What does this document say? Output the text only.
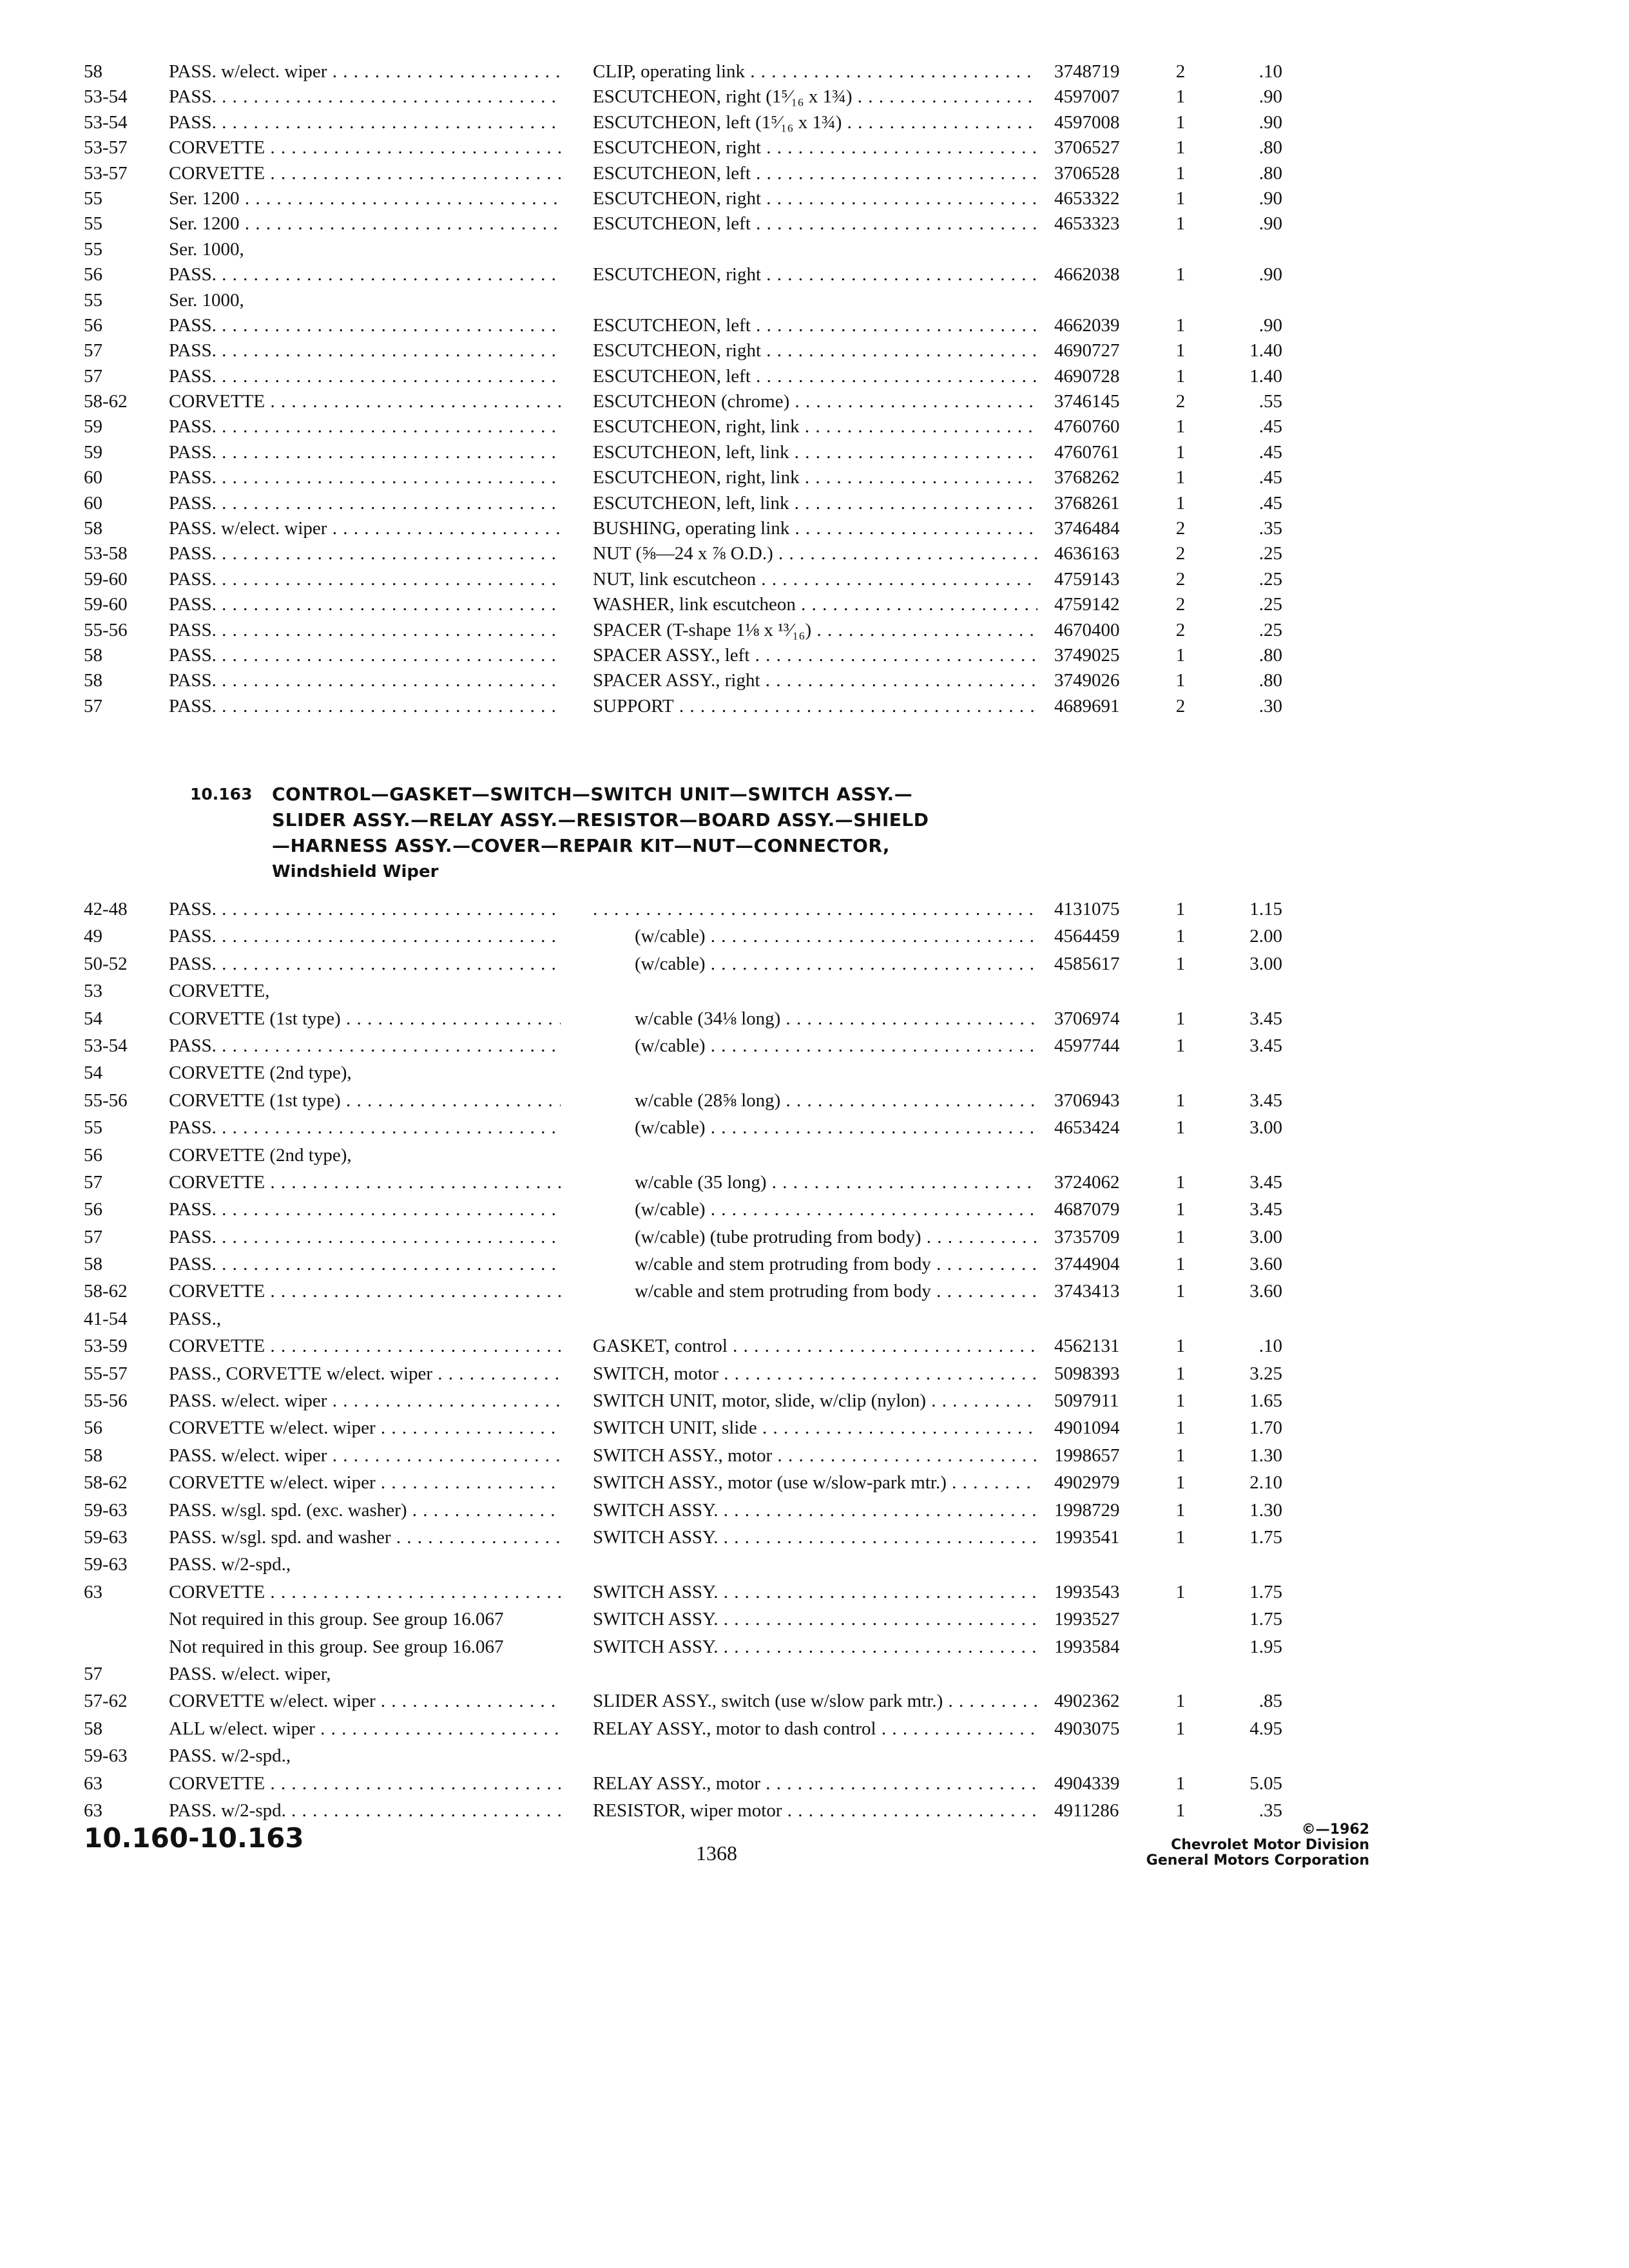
58	PASS. w/elect. wiper . . .	CLIP, operating link . . .	3748719	2	.10
53-54	PASS. . . .	ESCUTCHEON, right (1⁵⁄₁₆ x 1¾) . . .	4597007	1	.90
53-54	PASS. . . .	ESCUTCHEON, left (1⁵⁄₁₆ x 1¾) . . .	4597008	1	.90
53-57	CORVETTE . . .	ESCUTCHEON, right . . .	3706527	1	.80
53-57	CORVETTE . . .	ESCUTCHEON, left . . .	3706528	1	.80
55	Ser. 1200 . . .	ESCUTCHEON, right . . .	4653322	1	.90
55	Ser. 1200 . . .	ESCUTCHEON, left . . .	4653323	1	.90
55	Ser. 1000,
56	PASS. . . .	ESCUTCHEON, right . . .	4662038	1	.90
55	Ser. 1000,
56	PASS. . . .	ESCUTCHEON, left . . .	4662039	1	.90
57	PASS. . . .	ESCUTCHEON, right . . .	4690727	1	1.40
57	PASS. . . .	ESCUTCHEON, left . . .	4690728	1	1.40
58-62	CORVETTE . . .	ESCUTCHEON (chrome) . . .	3746145	2	.55
59	PASS. . . .	ESCUTCHEON, right, link . . .	4760760	1	.45
59	PASS. . . .	ESCUTCHEON, left, link . . .	4760761	1	.45
60	PASS. . . .	ESCUTCHEON, right, link . . .	3768262	1	.45
60	PASS. . . .	ESCUTCHEON, left, link . . .	3768261	1	.45
58	PASS. w/elect. wiper . . .	BUSHING, operating link . . .	3746484	2	.35
53-58	PASS. . . .	NUT (⅝—24 x ⅞ O.D.) . . .	4636163	2	.25
59-60	PASS. . . .	NUT, link escutcheon . . .	4759143	2	.25
59-60	PASS. . . .	WASHER, link escutcheon . . .	4759142	2	.25
55-56	PASS. . . .	SPACER (T-shape 1⅛ x ¹³⁄₁₆) . . .	4670400	2	.25
58	PASS. . . .	SPACER ASSY., left . . .	3749025	1	.80
58	PASS. . . .	SPACER ASSY., right . . .	3749026	1	.80
57	PASS. . . .	SUPPORT . . .	4689691	2	.30
10.163 CONTROL—GASKET—SWITCH—SWITCH UNIT—SWITCH ASSY.—
SLIDER ASSY.—RELAY ASSY.—RESISTOR—BOARD ASSY.—SHIELD
—HARNESS ASSY.—COVER—REPAIR KIT—NUT—CONNECTOR,
Windshield Wiper
42-48	PASS. . . .
. . .	4131075	1	1.15
49	PASS. . . .	(w/cable) . . .	4564459	1	2.00
50-52	PASS. . . .	(w/cable) . . .	4585617	1	3.00
53	CORVETTE,
54	CORVETTE (1st type) . . .	w/cable (34⅛ long) . . .	3706974	1	3.45
53-54	PASS. . . .	(w/cable) . . .	4597744	1	3.45
54	CORVETTE (2nd type),
55-56	CORVETTE (1st type) . . .	w/cable (28⅝ long) . . .	3706943	1	3.45
55	PASS. . . .	(w/cable) . . .	4653424	1	3.00
56	CORVETTE (2nd type),
57	CORVETTE . . .	w/cable (35 long) . . .	3724062	1	3.45
56	PASS. . . .	(w/cable) . . .	4687079	1	3.45
57	PASS. . . .	(w/cable) (tube protruding from body) . . .	3735709	1	3.00
58	PASS. . . .	w/cable and stem protruding from body . . .	3744904	1	3.60
58-62	CORVETTE . . .	w/cable and stem protruding from body . . .	3743413	1	3.60
41-54	PASS.,
53-59	CORVETTE . . .	GASKET, control . . .	4562131	1	.10
55-57	PASS., CORVETTE w/elect. wiper . . .	SWITCH, motor . . .	5098393	1	3.25
55-56	PASS. w/elect. wiper . . .	SWITCH UNIT, motor, slide, w/clip (nylon) . . .	5097911	1	1.65
56	CORVETTE w/elect. wiper . . .	SWITCH UNIT, slide . . .	4901094	1	1.70
58	PASS. w/elect. wiper . . .	SWITCH ASSY., motor . . .	1998657	1	1.30
58-62	CORVETTE w/elect. wiper . . .	SWITCH ASSY., motor (use w/slow-park mtr.) . . .	4902979	1	2.10
59-63	PASS. w/sgl. spd. (exc. washer) . . .	SWITCH ASSY. . . .	1998729	1	1.30
59-63	PASS. w/sgl. spd. and washer . . .	SWITCH ASSY. . . .	1993541	1	1.75
59-63	PASS. w/2-spd.,
63	CORVETTE . . .	SWITCH ASSY. . . .	1993543	1	1.75
Not required in this group. See group 16.067	SWITCH ASSY. . . .	1993527	1.75
Not required in this group. See group 16.067	SWITCH ASSY. . . .	1993584	1.95
57	PASS. w/elect. wiper,
57-62	CORVETTE w/elect. wiper . . .	SLIDER ASSY., switch (use w/slow park mtr.) . . .	4902362	1	.85
58	ALL w/elect. wiper . . .	RELAY ASSY., motor to dash control . . .	4903075	1	4.95
59-63	PASS. w/2-spd.,
63	CORVETTE . . .	RELAY ASSY., motor . . .	4904339	1	5.05
63	PASS. w/2-spd. . . .	RESISTOR, wiper motor . . .	4911286	1	.35
10.160-10.163	1368
©—1962
Chevrolet Motor Division
General Motors Corporation
